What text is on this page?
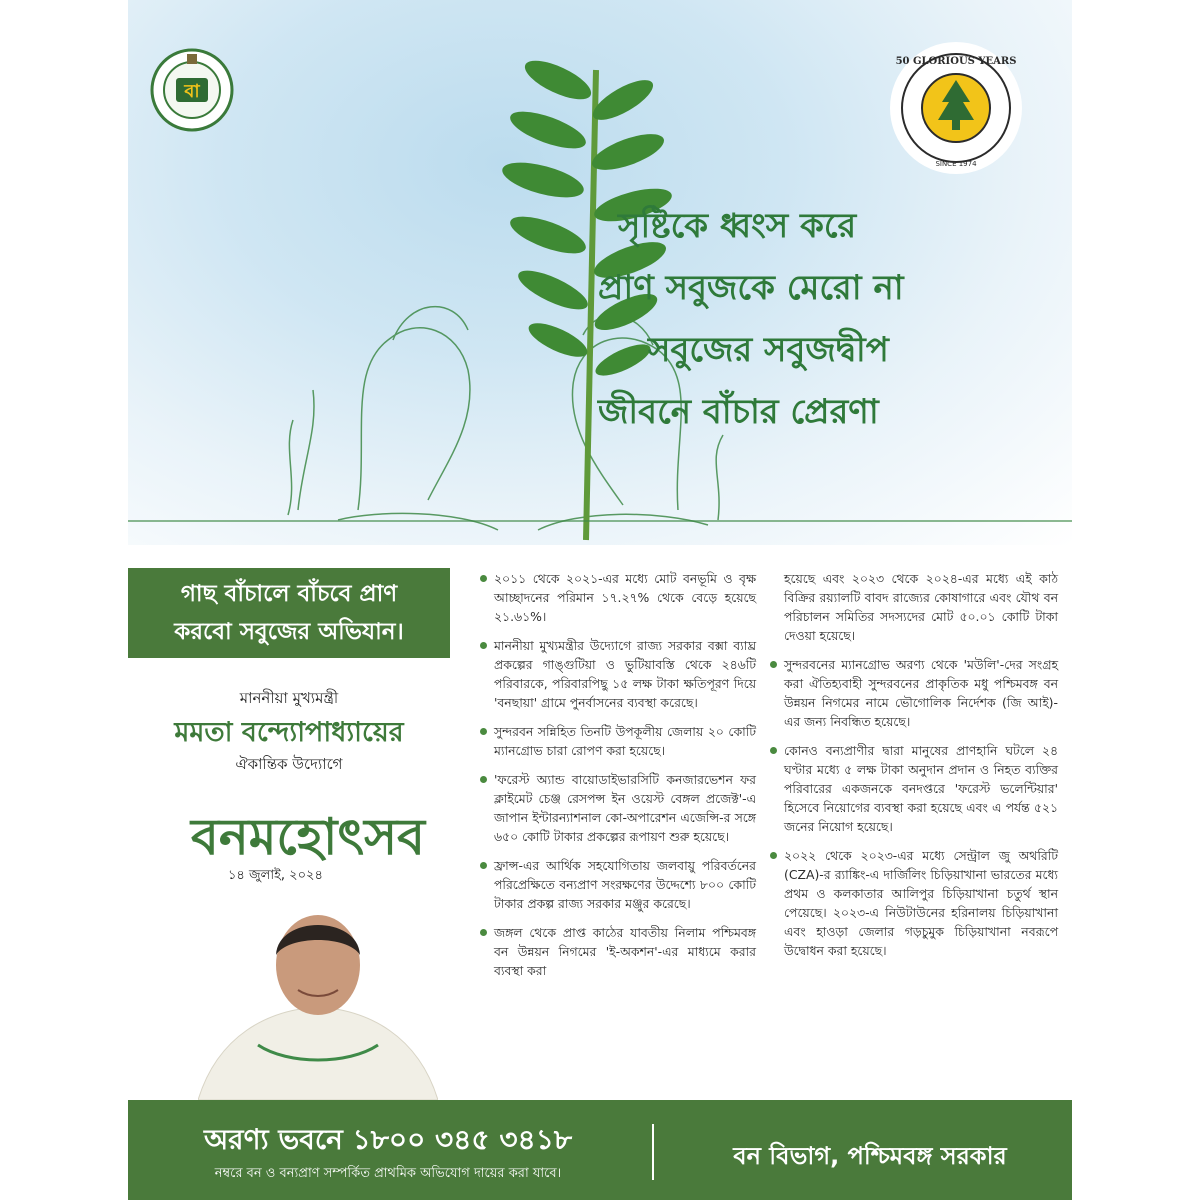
বা
50 GLORIOUS YEARS
SINCE 1974
সৃষ্টিকে ধ্বংস করে
প্রাণ সবুজকে মেরো না
সবুজের সবুজদ্বীপ
জীবনে বাঁচার প্রেরণা
গাছ বাঁচালে বাঁচবে প্রাণ
করবো সবুজের অভিযান।
মাননীয়া মুখ্যমন্ত্রী
মমতা বন্দ্যোপাধ্যায়ের
ঐকান্তিক উদ্যোগে
বনমহোৎসব
১৪ জুলাই, ২০২৪
২০১১ থেকে ২০২১-এর মধ্যে মোট বনভূমি ও বৃক্ষ আচ্ছাদনের পরিমান ১৭.২৭% থেকে বেড়ে হয়েছে ২১.৬১%।
মাননীয়া মুখ্যমন্ত্রীর উদ্যোগে রাজ্য সরকার বক্সা ব্যাঘ্র প্রকল্পের গাঙ্গুটিয়া ও ভুটিয়াবস্তি থেকে ২৪৬টি পরিবারকে, পরিবারপিছু ১৫ লক্ষ টাকা ক্ষতিপূরণ দিয়ে 'বনছায়া' গ্রামে পুনর্বাসনের ব্যবস্থা করেছে।
সুন্দরবন সন্নিহিত তিনটি উপকূলীয় জেলায় ২০ কোটি ম্যানগ্রোভ চারা রোপণ করা হয়েছে।
'ফরেস্ট অ্যান্ড বায়োডাইভারসিটি কনজারভেশন ফর ক্লাইমেট চেঞ্জ রেসপন্স ইন ওয়েস্ট বেঙ্গল প্রজেক্ট'-এ জাপান ইন্টারন্যাশনাল কো-অপারেশন এজেন্সি-র সঙ্গে ৬৫০ কোটি টাকার প্রকল্পের রূপায়ণ শুরু হয়েছে।
ফ্রান্স-এর আর্থিক সহযোগিতায় জলবায়ু পরিবর্তনের পরিপ্রেক্ষিতে বন্যপ্রাণ সংরক্ষণের উদ্দেশ্যে ৮০০ কোটি টাকার প্রকল্প রাজ্য সরকার মঞ্জুর করেছে।
জঙ্গল থেকে প্রাপ্ত কাঠের যাবতীয় নিলাম পশ্চিমবঙ্গ বন উন্নয়ন নিগমের 'ই-অকশন'-এর মাধ্যমে করার ব্যবস্থা করা
হয়েছে এবং ২০২৩ থেকে ২০২৪-এর মধ্যে এই কাঠ বিক্রির রয়্যালটি বাবদ রাজ্যের কোষাগারে এবং যৌথ বন পরিচালন সমিতির সদস্যদের মোট ৫০.০১ কোটি টাকা দেওয়া হয়েছে।
সুন্দরবনের ম্যানগ্রোভ অরণ্য থেকে 'মউলি'-দের সংগ্রহ করা ঐতিহ্যবাহী সুন্দরবনের প্রাকৃতিক মধু পশ্চিমবঙ্গ বন উন্নয়ন নিগমের নামে ভৌগোলিক নির্দেশক (জি আই)-এর জন্য নিবন্ধিত হয়েছে।
কোনও বন্যপ্রাণীর দ্বারা মানুষের প্রাণহানি ঘটলে ২৪ ঘণ্টার মধ্যে ৫ লক্ষ টাকা অনুদান প্রদান ও নিহত ব্যক্তির পরিবারের একজনকে বনদপ্তরে 'ফরেস্ট ভলেন্টিয়ার' হিসেবে নিয়োগের ব্যবস্থা করা হয়েছে এবং এ পর্যন্ত ৫২১ জনের নিয়োগ হয়েছে।
২০২২ থেকে ২০২৩-এর মধ্যে সেন্ট্রাল জু অথরিটি (CZA)-র র‍্যাঙ্কিং-এ দার্জিলিং চিড়িয়াখানা ভারতের মধ্যে প্রথম ও কলকাতার আলিপুর চিড়িয়াখানা চতুর্থ স্থান পেয়েছে। ২০২৩-এ নিউটাউনের হরিনালয় চিড়িয়াখানা এবং হাওড়া জেলার গড়চুমুক চিড়িয়াখানা নবরূপে উদ্বোধন করা হয়েছে।
অরণ্য ভবনে ১৮০০ ৩৪৫ ৩৪১৮
নম্বরে বন ও বন্যপ্রাণ সম্পর্কিত প্রাথমিক অভিযোগ দায়ের করা যাবে।
বন বিভাগ, পশ্চিমবঙ্গ সরকার
